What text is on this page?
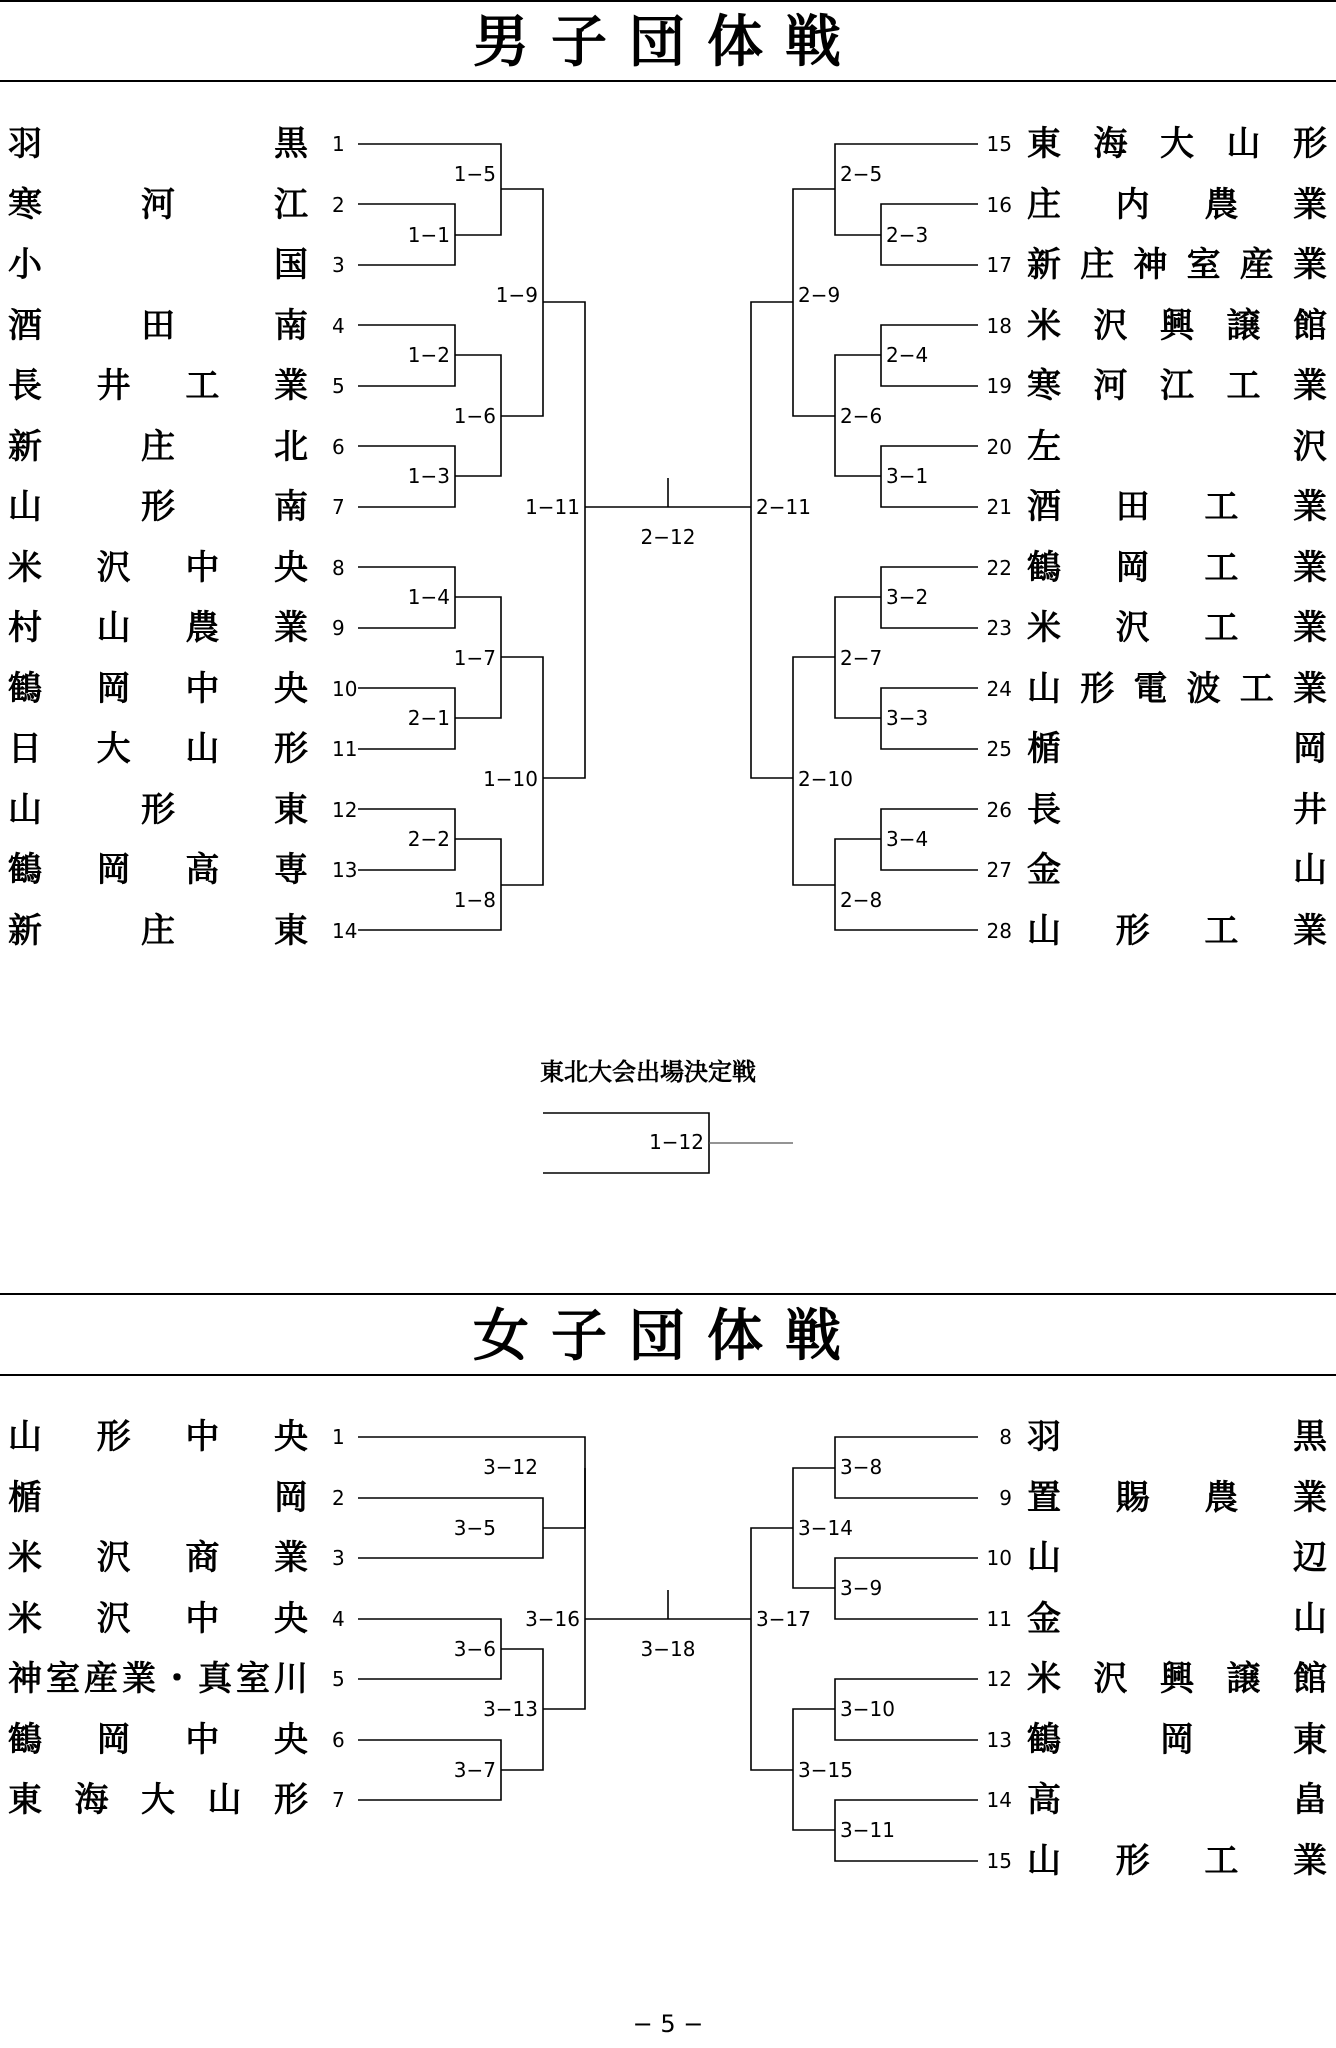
男子団体戦
羽	黒 1
寒	河	江 2
小	国 3
酒	田	南 4
長 井 工 業 5
新	庄	北 6
山	形	南 7
米 沢 中 央 8
村 山 農 業 9
鶴 岡 中 央 10
日 大 山 形 11
山	形	東 12
鶴 岡 高 専 13
新	庄	東 14
東 海 大 山 形
15
庄 内 農 業
16
新 庄 神 室 産 業
17
米 沢 興 譲 館
18
寒 河 江 工 業
19
左	沢
20
酒 田 工 業
21
鶴 岡 工 業
22
米 沢 工 業
23
山 形 電 波 工 業
24
楯	岡
25
長	井
26
金	山
27
山 形 工 業
28
1−5
1−1
1−9
1−2
1−6
1−3
1−11
1−4
1−7
2−1
1−10
2−2
1−8
2−12
2−5
2−3
2−9
2−4
2−6
3−1
2−11
3−2
2−7
3−3
2−10
3−4
2−8
1−12
東北大会出場決定戦
女子団体戦
山 形 中 央 1
楯	岡 2
米 沢 商 業 3
米 沢 中 央 4
神 室 産 業 ・ 真 室 川 5
鶴 岡 中 央 6
東 海 大 山 形 7
羽	黒
8
置 賜 農 業
9
山	辺
10
金	山
11
米 沢 興 譲 館
12
鶴	岡	東
13
高	畠
14
山 形 工 業
15
3−12
3−5
3−16
3−6
3−13
3−7
3−18
3−8
3−14
3−9
3−17
3−10
3−15
3−11
− 5 −
